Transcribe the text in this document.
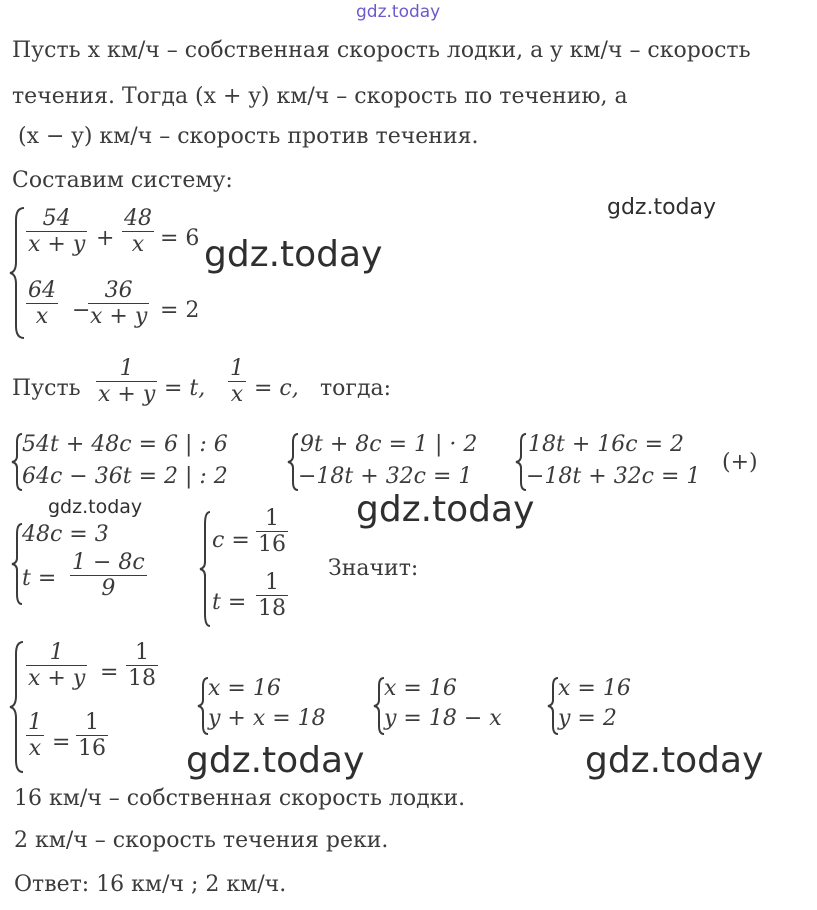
gdz.today
gdz.today
gdz.today
gdz.today	gdz.today
gdz.today	gdz.today
Пусть x км/ч – собственная скорость лодки, а y км/ч – скорость
течения. Тогда (x + y) км/ч – скорость по течению, а
(x − y) км/ч – скорость против течения.
Составим систему:
$\frac{54}{x + y} + \frac{48}{x} = 6$
$\frac{64}{x}$ −
$\frac{36}{x + y} = 2$
Пусть $\frac{1}{x + y} = t$, $\frac{1}{x} = c$, тогда:
54t + 48c = 6 | : 6
64c − 36t = 2 | : 2
9t + 8c = 1 | · 2
−18t + 32c = 1
18t + 16c = 2
−18t + 32c = 1
(+)
48c = 3
$t = \frac{1 - 8c}{9}$
$c = \frac{1}{16}$
$t = \frac{1}{18}$
Значит:
$\frac{1}{x + y} = \frac{1}{18}$
$\frac{1}{x} = \frac{1}{16}$
x = 16
y + x = 18
x = 16
y = 18 − x
x = 16
y = 2
16 км/ч – собственная скорость лодки.
2 км/ч – скорость течения реки.
Ответ: 16 км/ч ; 2 км/ч.
